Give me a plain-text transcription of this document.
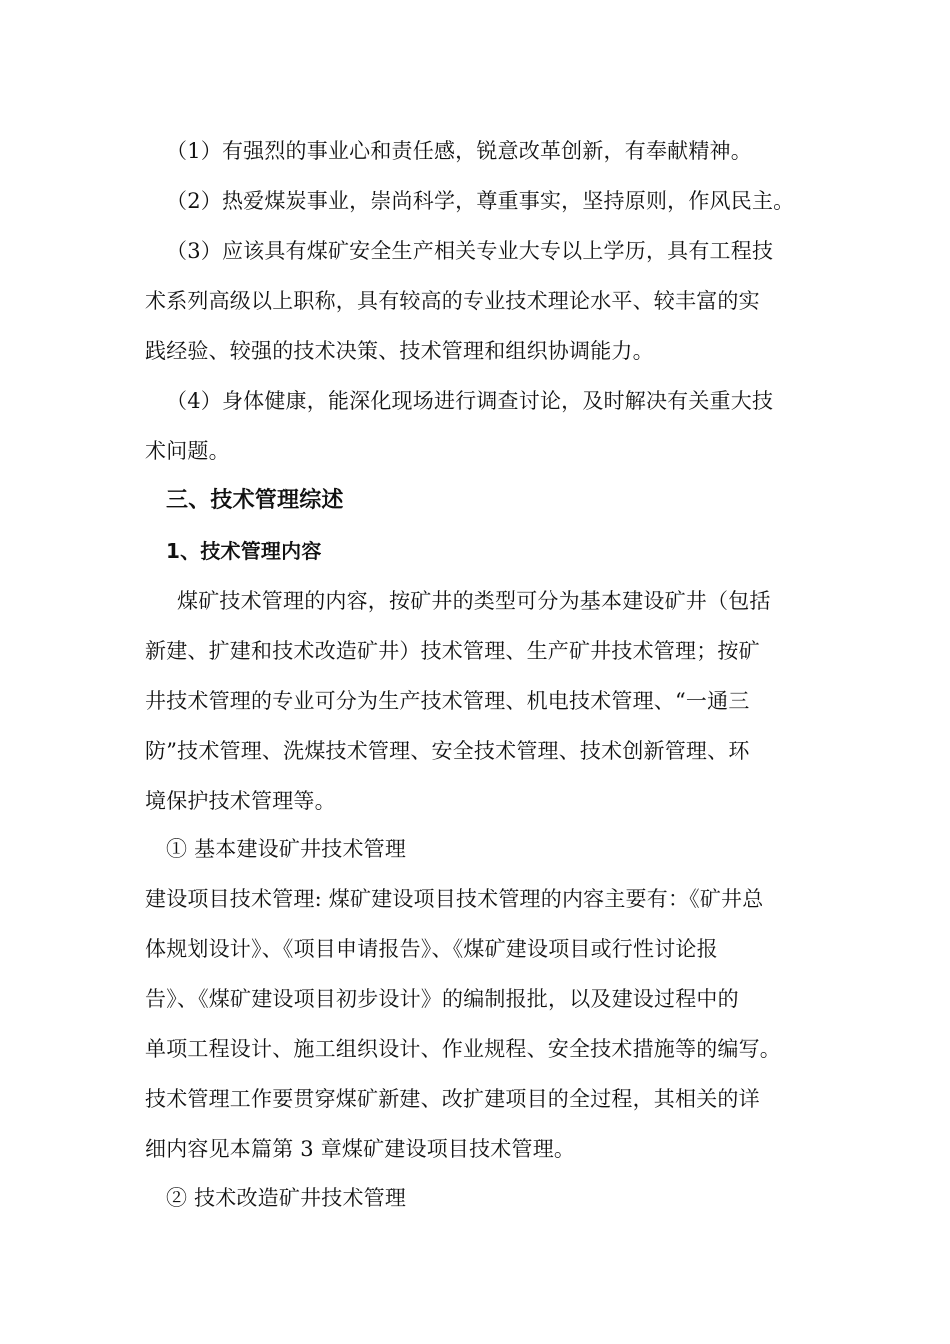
（1）有强烈的事业心和责任感，锐意改革创新，有奉献精神。
（2）热爱煤炭事业，崇尚科学，尊重事实，坚持原则，作风民主。
（3）应该具有煤矿安全生产相关专业大专以上学历，具有工程技
术系列高级以上职称，具有较高的专业技术理论水平、较丰富的实
践经验、较强的技术决策、技术管理和组织协调能力。
（4）身体健康，能深化现场进行调查讨论，及时解决有关重大技
术问题。
三、技术管理综述
1、技术管理内容
煤矿技术管理的内容，按矿井的类型可分为基本建设矿井（包括
新建、扩建和技术改造矿井）技术管理、生产矿井技术管理；按矿
井技术管理的专业可分为生产技术管理、机电技术管理、“一通三
防”技术管理、洗煤技术管理、安全技术管理、技术创新管理、环
境保护技术管理等。
① 基本建设矿井技术管理
建设项目技术管理: 煤矿建设项目技术管理的内容主要有：《矿井总
体规划设计》、《项目申请报告》、《煤矿建设项目或行性讨论报
告》、《煤矿建设项目初步设计》的编制报批，以及建设过程中的
单项工程设计、施工组织设计、作业规程、安全技术措施等的编写。
技术管理工作要贯穿煤矿新建、改扩建项目的全过程，其相关的详
细内容见本篇第 3 章煤矿建设项目技术管理。
② 技术改造矿井技术管理
